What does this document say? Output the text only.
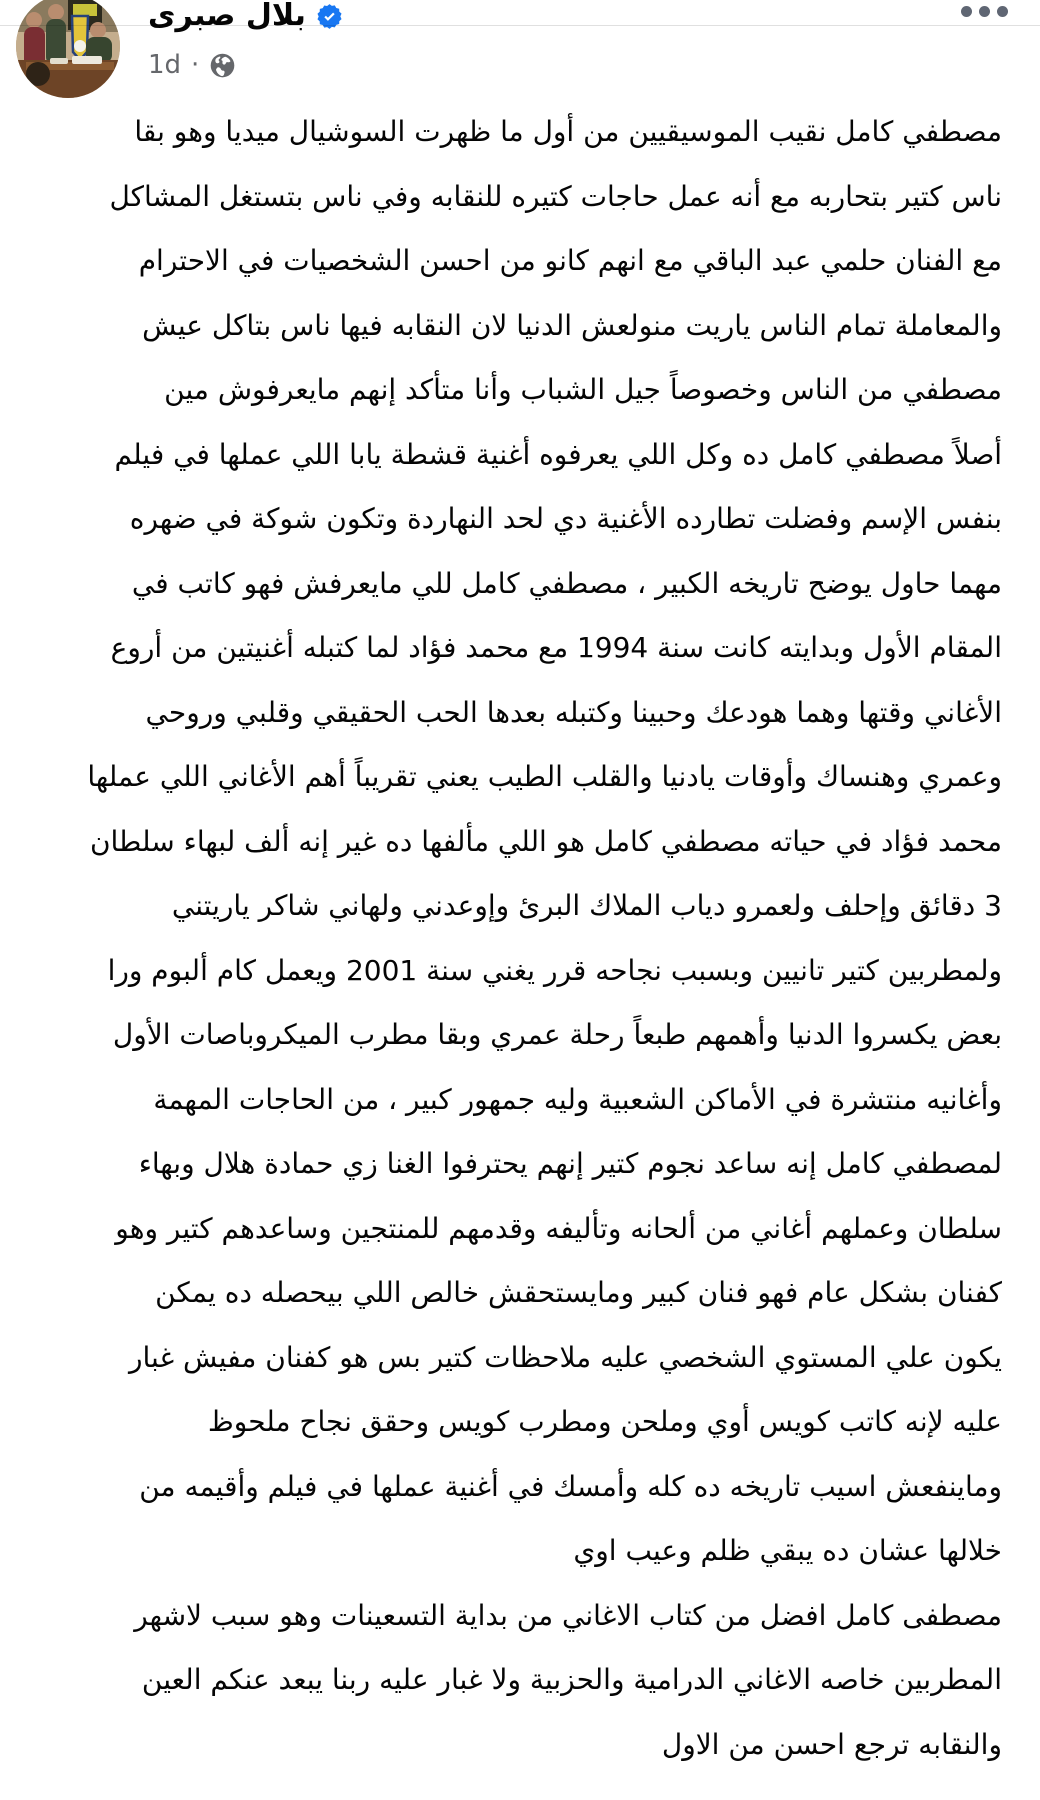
بلال صبرى
1d ·
مصطفي كامل نقيب الموسيقيين من أول ما ظهرت السوشيال ميديا وهو بقا
ناس كتير بتحاربه مع أنه عمل حاجات كتيره للنقابه وفي ناس بتستغل المشاكل
مع الفنان حلمي عبد الباقي مع انهم كانو من احسن الشخصيات في الاحترام
والمعاملة تمام الناس ياريت منولعش الدنيا لان النقابه فيها ناس بتاكل عيش
مصطفي من الناس وخصوصاً جيل الشباب وأنا متأكد إنهم مايعرفوش مين
أصلاً مصطفي كامل ده وكل اللي يعرفوه أغنية قشطة يابا اللي عملها في فيلم
بنفس الإسم وفضلت تطارده الأغنية دي لحد النهاردة وتكون شوكة في ضهره
مهما حاول يوضح تاريخه الكبير ، مصطفي كامل للي مايعرفش فهو كاتب في
المقام الأول وبدايته كانت سنة 1994 مع محمد فؤاد لما كتبله أغنيتين من أروع
الأغاني وقتها وهما هودعك وحبينا وكتبله بعدها الحب الحقيقي وقلبي وروحي
وعمري وهنساك وأوقات يادنيا والقلب الطيب يعني تقريباً أهم الأغاني اللي عملها
محمد فؤاد في حياته مصطفي كامل هو اللي مألفها ده غير إنه ألف لبهاء سلطان
3 دقائق وإحلف ولعمرو دياب الملاك البرئ وإوعدني ولهاني شاكر ياريتني
ولمطربين كتير تانيين وبسبب نجاحه قرر يغني سنة 2001 ويعمل كام ألبوم ورا
بعض يكسروا الدنيا وأهمهم طبعاً رحلة عمري وبقا مطرب الميكروباصات الأول
وأغانيه منتشرة في الأماكن الشعبية وليه جمهور كبير ، من الحاجات المهمة
لمصطفي كامل إنه ساعد نجوم كتير إنهم يحترفوا الغنا زي حمادة هلال وبهاء
سلطان وعملهم أغاني من ألحانه وتأليفه وقدمهم للمنتجين وساعدهم كتير وهو
كفنان بشكل عام فهو فنان كبير ومايستحقش خالص اللي بيحصله ده يمكن
يكون علي المستوي الشخصي عليه ملاحظات كتير بس هو كفنان مفيش غبار
عليه لإنه كاتب كويس أوي وملحن ومطرب كويس وحقق نجاح ملحوظ
وماينفعش اسيب تاريخه ده كله وأمسك في أغنية عملها في فيلم وأقيمه من
خلالها عشان ده يبقي ظلم وعيب اوي
مصطفى كامل افضل من كتاب الاغاني من بداية التسعينات وهو سبب لاشهر
المطربين خاصه الاغاني الدرامية والحزبية ولا غبار عليه ربنا يبعد عنكم العين
والنقابه ترجع احسن من الاول
